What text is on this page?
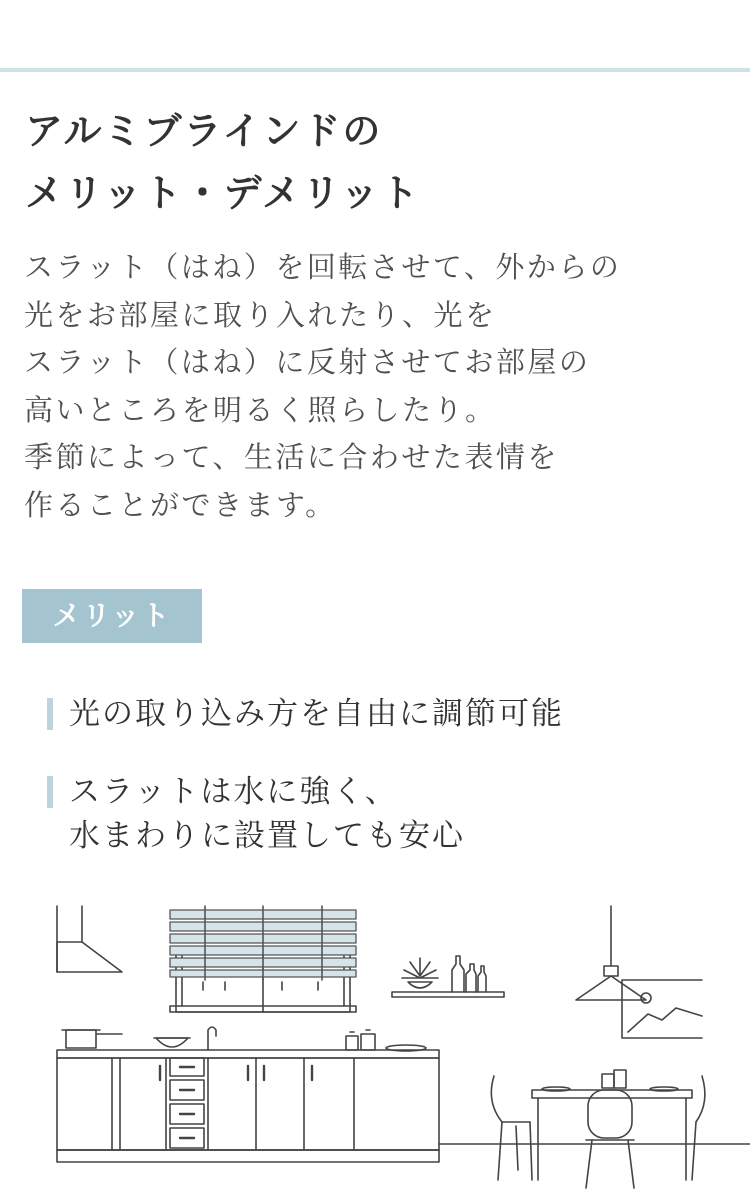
アルミブラインドの
メリット・デメリット

スラット（はね）を回転させて、外からの
光をお部屋に取り入れたり、光を
スラット（はね）に反射させてお部屋の
高いところを明るく照らしたり。
季節によって、生活に合わせた表情を
作ることができます。

メリット
光の取り込み方を自由に調節可能
スラットは水に強く、
水まわりに設置しても安心
